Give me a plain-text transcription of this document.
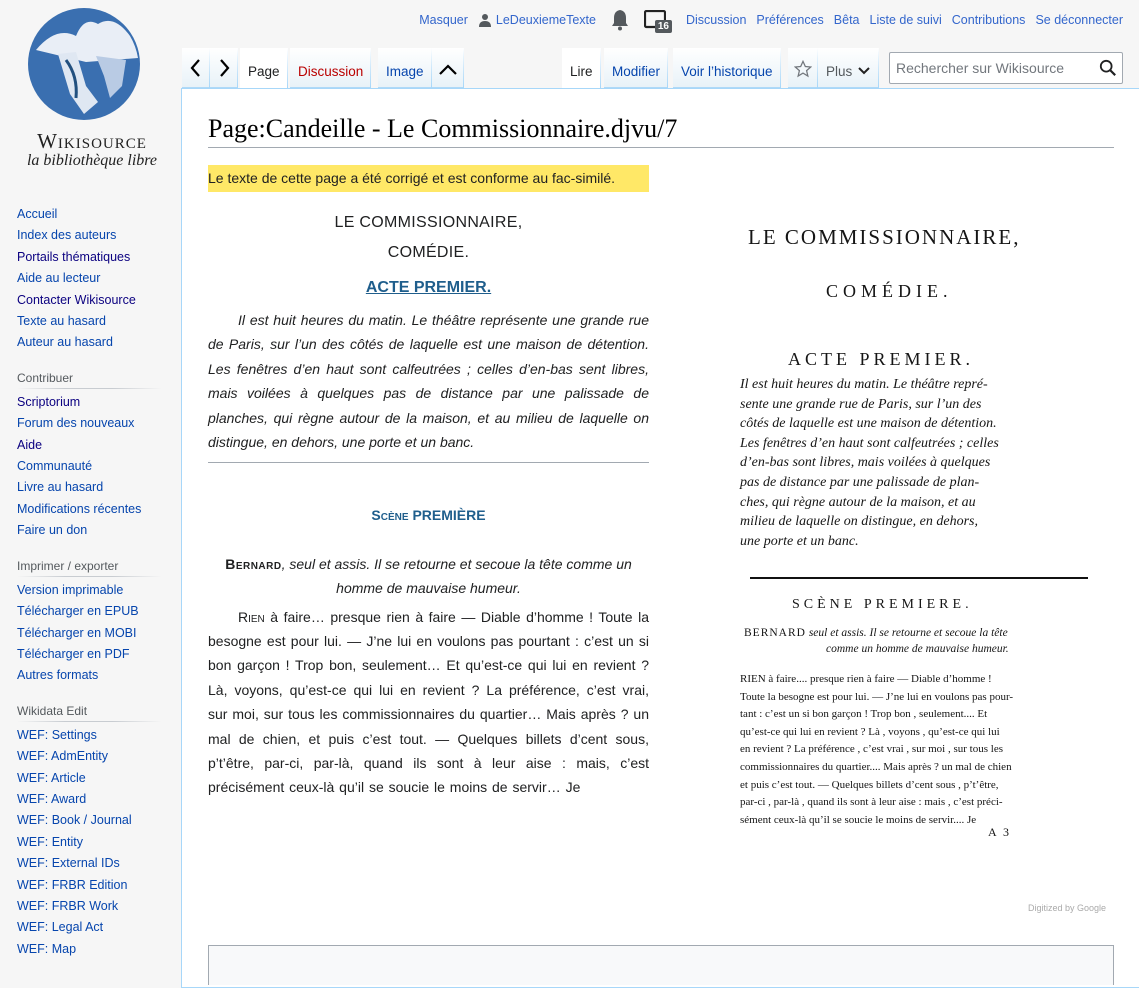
Wikisource
la bibliothèque libre
Masquer LeDeuxiemeTexte	16 Discussion Préférences Bêta Liste de suivi Contributions Se déconnecter
Page	Discussion	Image	Lire	Modifier	Voir l’historique	Plus
Rechercher sur Wikisource
Accueil
Index des auteurs
Portails thématiques
Aide au lecteur
Contacter Wikisource
Texte au hasard
Auteur au hasard
Contribuer
Scriptorium
Forum des nouveaux
Aide
Communauté
Livre au hasard
Modifications récentes
Faire un don
Imprimer / exporter
Version imprimable
Télécharger en EPUB
Télécharger en MOBI
Télécharger en PDF
Autres formats
Wikidata Edit
WEF: Settings
WEF: AdmEntity
WEF: Article
WEF: Award
WEF: Book / Journal
WEF: Entity
WEF: External IDs
WEF: FRBR Edition
WEF: FRBR Work
WEF: Legal Act
WEF: Map
Page:Candeille - Le Commissionnaire.djvu/7
Le texte de cette page a été corrigé et est conforme au fac-similé.
LE COMMISSIONNAIRE,
COMÉDIE.
ACTE PREMIER.
Il est huit heures du matin. Le théâtre représente une grande rue de Paris, sur l’un des côtés de laquelle est une maison de détention. Les fenêtres d’en haut sont calfeutrées ; celles d’en-bas sent libres, mais voilées à quelques pas de distance par une palissade de planches, qui règne autour de la maison, et au milieu de laquelle on distingue, en dehors, une porte et un banc.
Scène PREMIÈRE
Bernard, seul et assis. Il se retourne et secoue la tête comme un homme de mauvaise humeur.
Rien à faire… presque rien à faire — Diable d’homme ! Toute la besogne est pour lui. — J’ne lui en voulons pas pourtant : c’est un si bon garçon ! Trop bon, seulement… Et qu’est-ce qui lui en revient ? Là, voyons, qu’est-ce qui lui en revient ? La préférence, c’est vrai, sur moi, sur tous les commissionnaires du quartier… Mais après ? un mal de chien, et puis c’est tout. — Quelques billets d’cent sous, p’t’être, par-ci, par-là, quand ils sont à leur aise : mais, c’est précisément ceux-là qu’il se soucie le moins de servir… Je
LE COMMISSIONNAIRE,
COMÉDIE.
ACTE PREMIER.
SCÈNE PREMIERE.
BERNARD seul et assis. Il se retourne et secoue la tête
comme un homme de mauvaise humeur.
A 3
Digitized by Google
Il est huit heures du matin. Le théâtre repré-
sente une grande rue de Paris, sur l’un des
côtés de laquelle est une maison de détention.
Les fenêtres d’en haut sont calfeutrées ; celles
d’en-bas sont libres, mais voilées à quelques
pas de distance par une palissade de plan-
ches, qui règne autour de la maison, et au
milieu de laquelle on distingue, en dehors,
une porte et un banc.
RIEN à faire.... presque rien à faire — Diable d’homme !
Toute la besogne est pour lui. — J’ne lui en voulons pas pour-
tant : c’est un si bon garçon ! Trop bon , seulement.... Et
qu’est-ce qui lui en revient ? Là , voyons , qu’est-ce qui lui
en revient ? La préférence , c’est vrai , sur moi , sur tous les
commissionnaires du quartier.... Mais après ? un mal de chien
et puis c’est tout. — Quelques billets d’cent sous , p’t’être,
par-ci , par-là , quand ils sont à leur aise : mais , c’est préci-
sément ceux-là qu’il se soucie le moins de servir.... Je
